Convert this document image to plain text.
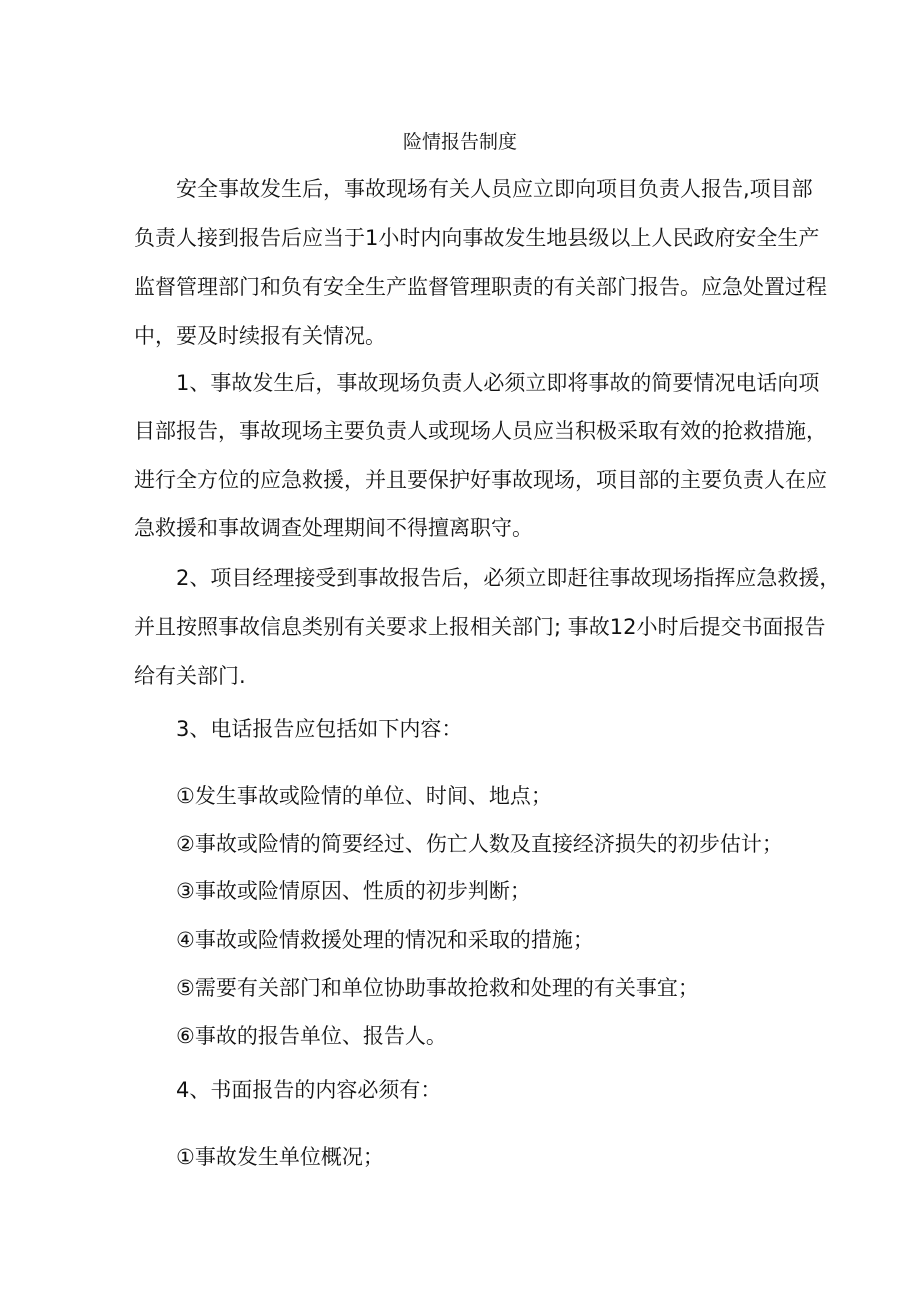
险情报告制度
安全事故发生后，事故现场有关人员应立即向项目负责人报告,项目部
负责人接到报告后应当于1小时内向事故发生地县级以上人民政府安全生产
监督管理部门和负有安全生产监督管理职责的有关部门报告。应急处置过程
中，要及时续报有关情况。
1、事故发生后，事故现场负责人必须立即将事故的简要情况电话向项
目部报告，事故现场主要负责人或现场人员应当积极采取有效的抢救措施，
进行全方位的应急救援，并且要保护好事故现场，项目部的主要负责人在应
急救援和事故调查处理期间不得擅离职守。
2、项目经理接受到事故报告后，必须立即赶往事故现场指挥应急救援，
并且按照事故信息类别有关要求上报相关部门; 事故12小时后提交书面报告
给有关部门.
3、电话报告应包括如下内容：
①发生事故或险情的单位、时间、地点；
②事故或险情的简要经过、伤亡人数及直接经济损失的初步估计；
③事故或险情原因、性质的初步判断；
④事故或险情救援处理的情况和采取的措施；
⑤需要有关部门和单位协助事故抢救和处理的有关事宜；
⑥事故的报告单位、报告人。
4、书面报告的内容必须有：
①事故发生单位概况；
